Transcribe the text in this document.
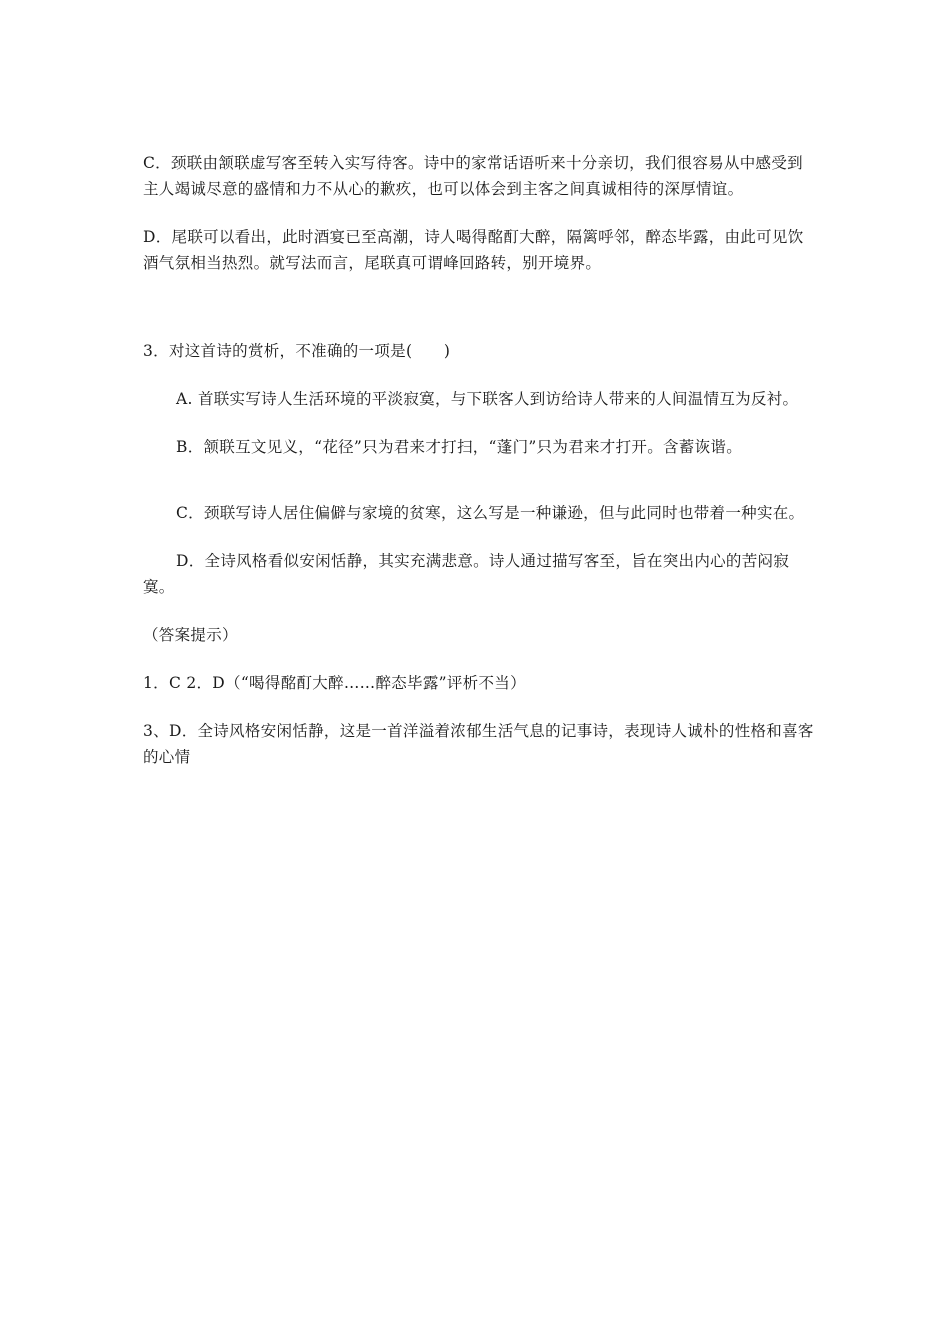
C．颈联由颔联虚写客至转入实写待客。诗中的家常话语听来十分亲切，我们很容易从中感受到主人竭诚尽意的盛情和力不从心的歉疚，也可以体会到主客之间真诚相待的深厚情谊。

D．尾联可以看出，此时酒宴已至高潮，诗人喝得酩酊大醉，隔篱呼邻，醉态毕露，由此可见饮酒气氛相当热烈。就写法而言，尾联真可谓峰回路转，别开境界。

3．对这首诗的赏析，不准确的一项是(　　)

A. 首联实写诗人生活环境的平淡寂寞，与下联客人到访给诗人带来的人间温情互为反衬。

B．颔联互文见义，“花径”只为君来才打扫，“蓬门”只为君来才打开。含蓄诙谐。

C．颈联写诗人居住偏僻与家境的贫寒，这么写是一种谦逊，但与此同时也带着一种实在。

D．全诗风格看似安闲恬静，其实充满悲意。诗人通过描写客至，旨在突出内心的苦闷寂寞。

（答案提示）

1．C 2．D（“喝得酩酊大醉……醉态毕露”评析不当）

3、D．全诗风格安闲恬静，这是一首洋溢着浓郁生活气息的记事诗，表现诗人诚朴的性格和喜客的心情
